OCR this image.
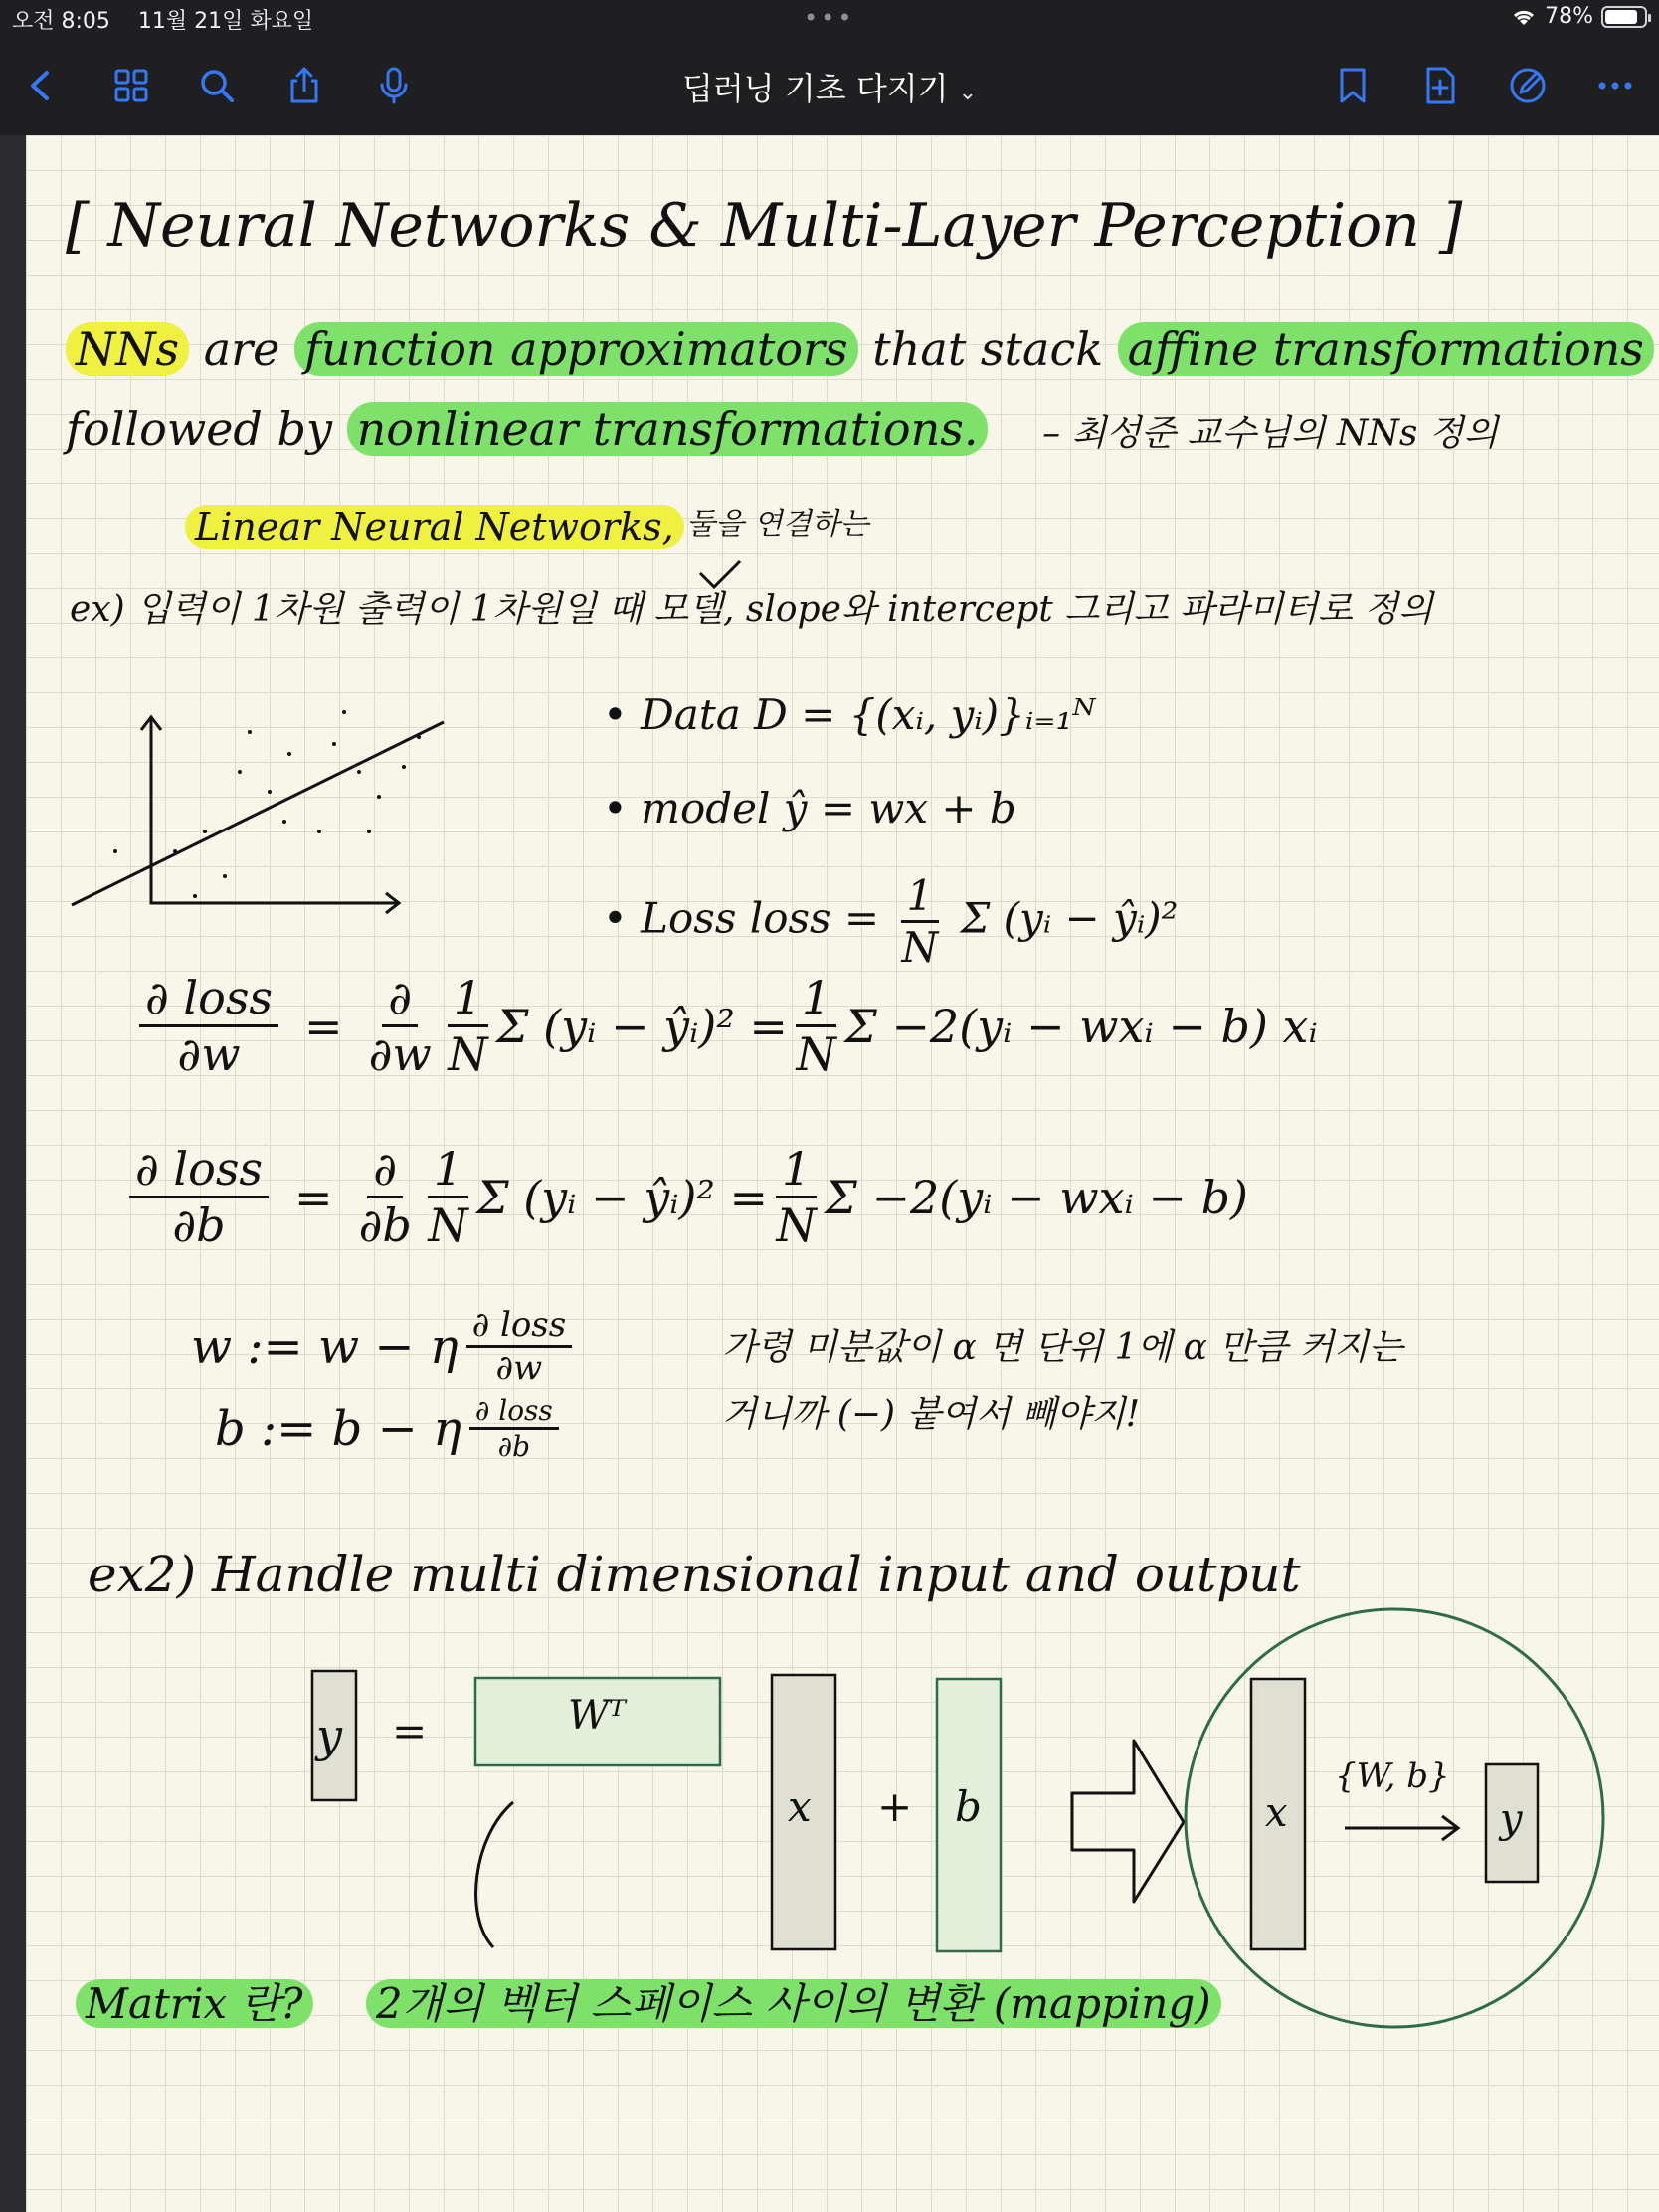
오전 8:05 11월 21일 화요일	•••	78%
딥러닝 기초 다지기 ⌄
[ Neural Networks & Multi-Layer Perception ]
NNs are function approximators that stack affine transformations
followed by nonlinear transformations. – 최성준 교수님의 NNs 정의
Linear Neural Networks, 둘을 연결하는
ex) 입력이 1차원 출력이 1차원일 때 모델, slope와 intercept 그리고 파라미터로 정의
• Data D = {(xᵢ, yᵢ)}ᵢ₌₁ᴺ
• model ŷ = wx + b
• Loss loss = $\frac{1}{N}$ Σ (yᵢ − ŷᵢ)²
$\frac{\text{∂ loss}}{\partial w} = \frac{\partial}{\partial w} \frac{1}{N}$ Σ (yᵢ − ŷᵢ)² = $\frac{1}{N}$ Σ −2(yᵢ − wxᵢ − b) xᵢ
$\frac{\text{∂ loss}}{\partial b} = \frac{\partial}{\partial b} \frac{1}{N}$ Σ (yᵢ − ŷᵢ)² = $\frac{1}{N}$ Σ −2(yᵢ − wxᵢ − b)
w := w − η $\frac{\text{∂ loss}}{\partial w}$
b := b − η $\frac{\text{∂ loss}}{\partial b}$
가령 미분값이 α 면 단위 1에 α 만큼 커지는
거니까 (−) 붙여서 빼야지!
ex2) Handle multi dimensional input and output
y =	Wᵀ
x + b	x
{W, b}
y
Matrix 란? 2개의 벡터 스페이스 사이의 변환 (mapping)
